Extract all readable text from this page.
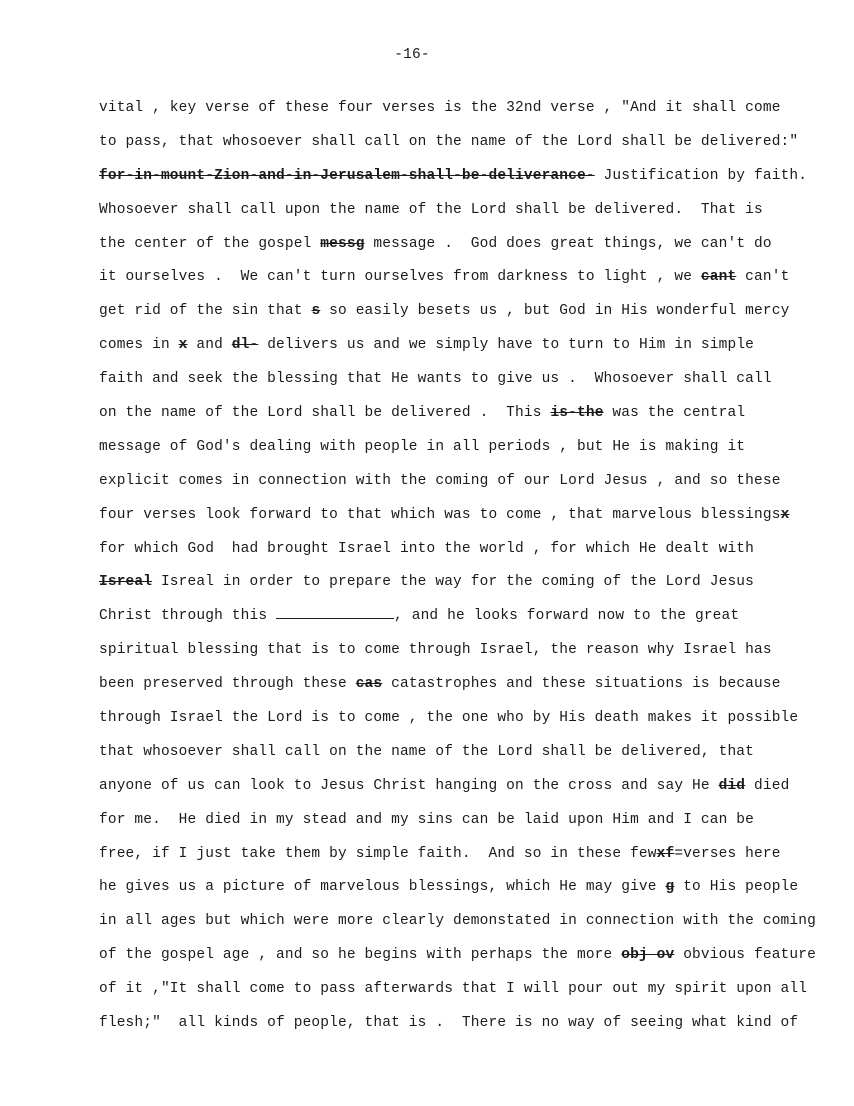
-16-
vital , key verse of these four verses is the 32nd verse , "And it shall come
to pass, that whosoever shall call on the name of the Lord shall be delivered:"
for-in-mount-Zion-and-in-Jerusalem-shall-be-deliverance- Justification by faith.
Whosoever shall call upon the name of the Lord shall be delivered.  That is
the center of the gospel messg message .  God does great things, we can't do
it ourselves .  We can't turn ourselves from darkness to light , we cant can't
get rid of the sin that s so easily besets us , but God in His wonderful mercy
comes in x and dl- delivers us and we simply have to turn to Him in simple
faith and seek the blessing that He wants to give us .  Whosoever shall call
on the name of the Lord shall be delivered .  This is-the was the central
message of God's dealing with people in all periods , but He is making it
explicit comes in connection with the coming of our Lord Jesus , and so these
four verses look forward to that which was to come , that marvelous blessingsx
for which God  had brought Israel into the world , for which He dealt with
Isreal Isreal in order to prepare the way for the coming of the Lord Jesus
Christ through this	, and he looks forward now to the great
spiritual blessing that is to come through Israel, the reason why Israel has
been preserved through these cas catastrophes and these situations is because
through Israel the Lord is to come , the one who by His death makes it possible
that whosoever shall call on the name of the Lord shall be delivered, that
anyone of us can look to Jesus Christ hanging on the cross and say He did died
for me.  He died in my stead and my sins can be laid upon Him and I can be
free, if I just take them by simple faith.  And so in these fewxf=verses here
he gives us a picture of marvelous blessings, which He may give g to His people
in all ages but which were more clearly demonstated in connection with the coming
of the gospel age , and so he begins with perhaps the more obj ov obvious feature
of it ,"It shall come to pass afterwards that I will pour out my spirit upon all
flesh;"  all kinds of people, that is .  There is no way of seeing what kind of
